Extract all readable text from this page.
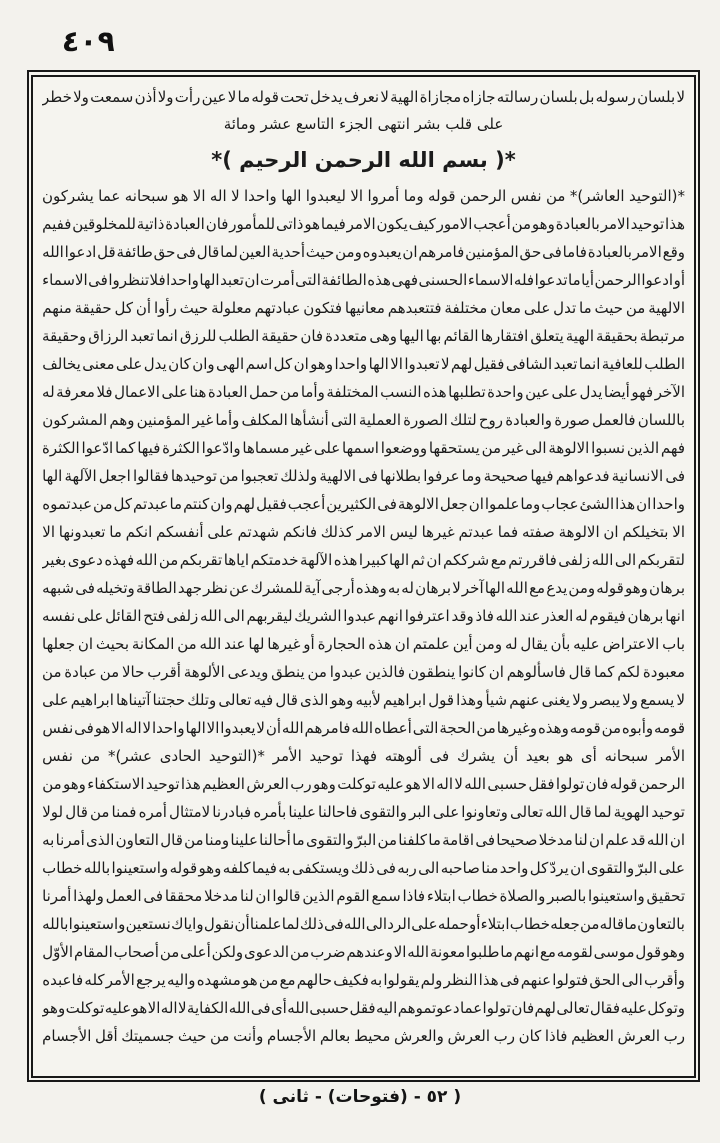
٤٠٩
لا
بلسان
رسوله
بل
بلسان
رسالته
جازاه
مجازاة
الهية
لا
نعرف
يدخل
تحت
قوله
ما
لا
عين
رأت
ولا
أذن
سمعت
ولا
خطر
على قلب بشر انتهى الجزء التاسع عشر ومائة
*( بسم الله الرحمن الرحيم )*
*(التوحيد
العاشر)*
من
نفس
الرحمن
قوله
وما
أمروا
الا
ليعبدوا
الها
واحدا
لا
اله
الا
هو
سبحانه
عما
يشركون
هذا
توحيد
الامر
بالعبادة
وهو
من
أعجب
الامور
كيف
يكون
الامر
فيما
هو
ذاتى
للمأمور
فان
العبادة
ذاتية
للمخلوقين
ففيم
وقع
الامر
بالعبادة
فاما
فى
حق
المؤمنين
فامرهم
ان
يعبدوه
ومن
حيث
أحدية
العين
لما
قال
فى
حق
طائفة
قل
ادعوا
الله
أو
ادعوا
الرحمن
أيا
ما
تدعوا
فله
الاسماء
الحسنى
فهى
هذه
الطائفة
التى
أمرت
ان
تعبد
الها
واحدا
فلا
تنظروا
فى
الاسماء
الالهية
من
حيث
ما
تدل
على
معان
مختلفة
فتتعبدهم
معانيها
فتكون
عبادتهم
معلولة
حيث
رأوا
أن
كل
حقيقة
منهم
مرتبطة
بحقيقة
الهية
يتعلق
افتقارها
القائم
بها
اليها
وهى
متعددة
فان
حقيقة
الطلب
للرزق
انما
تعبد
الرزاق
وحقيقة
الطلب
للعافية
انما
تعبد
الشافى
فقيل
لهم
لا
تعبدوا
الا
الها
واحدا
وهو
ان
كل
اسم
الهى
وان
كان
يدل
على
معنى
يخالف
الآخر
فهو
أيضا
يدل
على
عين
واحدة
تطلبها
هذه
النسب
المختلفة
وأما
من
حمل
العبادة
هنا
على
الاعمال
فلا
معرفة
له
باللسان
فالعمل
صورة
والعبادة
روح
لتلك
الصورة
العملية
التى
أنشأها
المكلف
وأما
غير
المؤمنين
وهم
المشركون
فهم
الذين
نسبوا
الالوهة
الى
غير
من
يستحقها
ووضعوا
اسمها
على
غير
مسماها
وادّعوا
الكثرة
فيها
كما
ادّعوا
الكثرة
فى
الانسانية
فدعواهم
فيها
صحيحة
وما
عرفوا
بطلانها
فى
الالهية
ولذلك
تعجبوا
من
توحيدها
فقالوا
اجعل
الآلهة
الها
واحدا
ان
هذا
الشئ
عجاب
وما
علموا
ان
جعل
الالوهة
فى
الكثيرين
أعجب
فقيل
لهم
وان
كنتم
ما
عبدتم
كل
من
عبدتموه
الا
بتخيلكم
ان
الالوهة
صفته
فما
عبدتم
غيرها
ليس
الامر
كذلك
فانكم
شهدتم
على
أنفسكم
انكم
ما
تعبدونها
الا
لتقربكم
الى
الله
زلفى
فاقررتم
مع
شرككم
ان
ثم
الها
كبيرا
هذه
الآلهة
خدمتكم
اياها
تقربكم
من
الله
فهذه
دعوى
بغير
برهان
وهو
قوله
ومن
يدع
مع
الله
الها
آخر
لا
برهان
له
به
وهذه
أرجى
آية
للمشرك
عن
نظر
جهد
الطاقة
وتخيله
فى
شبهه
انها
برهان
فيقوم
له
العذر
عند
الله
فاذ
وقد
اعترفوا
انهم
عبدوا
الشريك
ليقربهم
الى
الله
زلفى
فتح
القائل
على
نفسه
باب
الاعتراض
عليه
بأن
يقال
له
ومن
أين
علمتم
ان
هذه
الحجارة
أو
غيرها
لها
عند
الله
من
المكانة
بحيث
ان
جعلها
معبودة
لكم
كما
قال
فاسألوهم
ان
كانوا
ينطقون
فالذين
عبدوا
من
ينطق
ويدعى
الألوهة
أقرب
حالا
من
عبادة
من
لا
يسمع
ولا
يبصر
ولا
يغنى
عنهم
شيأ
وهذا
قول
ابراهيم
لأبيه
وهو
الذى
قال
فيه
تعالى
وتلك
حجتنا
آتيناها
ابراهيم
على
قومه
وأبوه
من
قومه
وهذه
وغيرها
من
الحجة
التى
أعطاه
الله
فامرهم
الله
أن
لا
يعبدوا
الا
الها
واحدا
لا
اله
الا
هو
فى
نفس
الأمر
سبحانه
أى
هو
بعيد
أن
يشرك
فى
ألوهته
فهذا
توحيد
الأمر
*(التوحيد
الحادى
عشر)*
من
نفس
الرحمن
قوله
فان
تولوا
فقل
حسبى
الله
لا
اله
الا
هو
عليه
توكلت
وهو
رب
العرش
العظيم
هذا
توحيد
الاستكفاء
وهو
من
توحيد
الهوية
لما
قال
الله
تعالى
وتعاونوا
على
البر
والتقوى
فاحالنا
علينا
بأمره
فبادرنا
لامتثال
أمره
فمنا
من
قال
لولا
ان
الله
قد
علم
ان
لنا
مدخلا
صحيحا
فى
اقامة
ما
كلفنا
من
البرّ
والتقوى
ما
أحالنا
علينا
ومنا
من
قال
التعاون
الذى
أمرنا
به
على
البرّ
والتقوى
ان
يردّ
كل
واحد
منا
صاحبه
الى
ربه
فى
ذلك
ويستكفى
به
فيما
كلفه
وهو
قوله
واستعينوا
بالله
خطاب
تحقيق
واستعينوا
بالصبر
والصلاة
خطاب
ابتلاء
فاذا
سمع
القوم
الذين
قالوا
ان
لنا
مدخلا
محققا
فى
العمل
ولهذا
أمرنا
بالتعاون
ما
قاله
من
جعله
خطاب
ابتلاء
أو
حمله
على
الرد
الى
الله
فى
ذلك
لما
علمنا
أن
نقول
واياك
نستعين
واستعينوا
بالله
وهو
قول
موسى
لقومه
مع
انهم
ما
طلبوا
معونة
الله
الا
وعندهم
ضرب
من
الدعوى
ولكن
أعلى
من
أصحاب
المقام
الأوّل
وأقرب
الى
الحق
فتولوا
عنهم
فى
هذا
النظر
ولم
يقولوا
به
فكيف
حالهم
مع
من
هو
مشهده
واليه
يرجع
الأمر
كله
فاعبده
وتوكل
عليه
فقال
تعالى
لهم
فان
تولوا
عما
دعوتموهم
اليه
فقل
حسبى
الله
أى
فى
الله
الكفاية
لا
اله
الا
هو
عليه
توكلت
وهو
رب
العرش
العظيم
فاذا
كان
رب
العرش
والعرش
محيط
بعالم
الأجسام
وأنت
من
حيث
جسميتك
أقل
الأجسام
( ٥٢ - (فتوحات) - ثانى )
